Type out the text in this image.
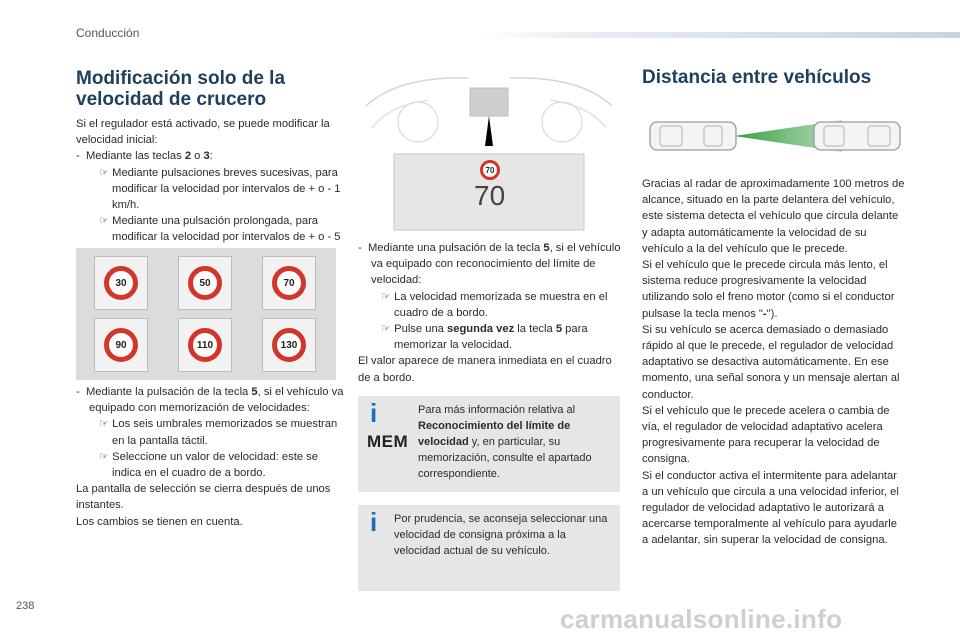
Conducción
Modificación solo de la velocidad de crucero

Si el regulador está activado, se puede modificar la velocidad inicial:

- Mediante las teclas 2 o 3:

☞ Mediante pulsaciones breves sucesivas, para modificar la velocidad por intervalos de + o - 1 km/h.

☞ Mediante una pulsación prolongada, para modificar la velocidad por intervalos de + o - 5

30	50	70
90	110	130

- Mediante la pulsación de la tecla 5, si el vehículo va equipado con memorización de velocidades:

☞ Los seis umbrales memorizados se muestran en la pantalla táctil.

☞ Seleccione un valor de velocidad: este se indica en el cuadro de a bordo.

La pantalla de selección se cierra después de unos instantes.

Los cambios se tienen en cuenta.

70
70

- Mediante una pulsación de la tecla 5, si el vehículo va equipado con reconocimiento del límite de velocidad:

☞ La velocidad memorizada se muestra en el cuadro de a bordo.

☞ Pulse una segunda vez la tecla 5 para memorizar la velocidad.

El valor aparece de manera inmediata en el cuadro de a bordo.

i
MEM
Para más información relativa al Reconocimiento del límite de velocidad y, en particular, su memorización, consulte el apartado correspondiente.
i Por prudencia, se aconseja seleccionar una velocidad de consigna próxima a la velocidad actual de su vehículo.
Distancia entre vehículos

Gracias al radar de aproximadamente 100 metros de alcance, situado en la parte delantera del vehículo, este sistema detecta el vehículo que circula delante y adapta automáticamente la velocidad de su vehículo a la del vehículo que le precede.

Si el vehículo que le precede circula más lento, el sistema reduce progresivamente la velocidad utilizando solo el freno motor (como si el conductor pulsase la tecla menos "-").

Si su vehículo se acerca demasiado o demasiado rápido al que le precede, el regulador de velocidad adaptativo se desactiva automáticamente. En ese momento, una señal sonora y un mensaje alertan al conductor.

Si el vehículo que le precede acelera o cambia de vía, el regulador de velocidad adaptativo acelera progresivamente para recuperar la velocidad de consigna.

Si el conductor activa el intermitente para adelantar a un vehículo que circula a una velocidad inferior, el regulador de velocidad adaptativo le autorizará a acercarse temporalmente al vehículo para ayudarle a adelantar, sin superar la velocidad de consigna.

238	carmanualsonline.info
